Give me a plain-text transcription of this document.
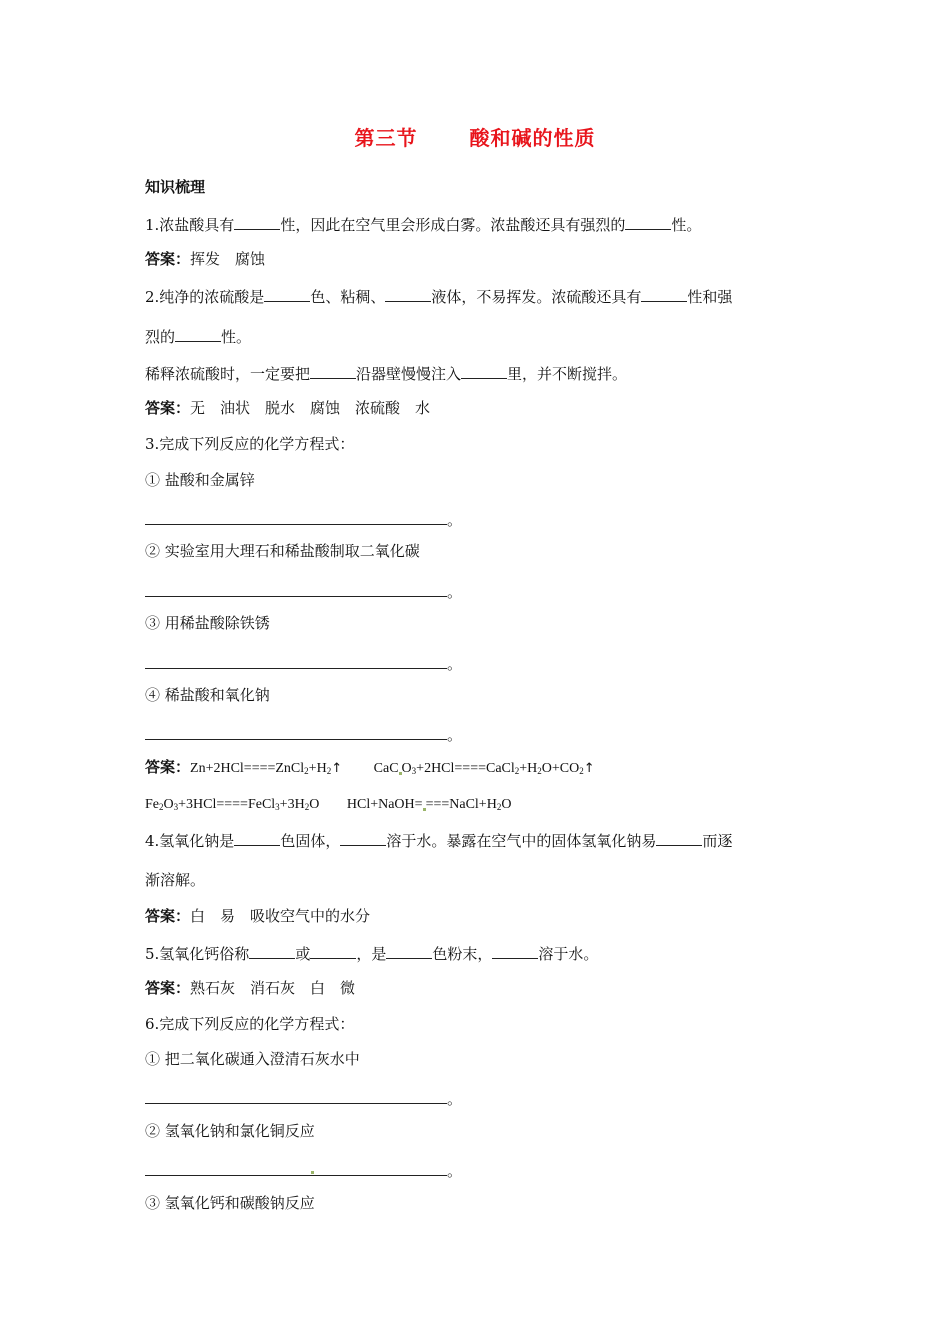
第三节	酸和碱的性质
知识梳理
1.浓盐酸具有	性，因此在空气里会形成白雾。浓盐酸还具有强烈的	性。
答案：挥发　腐蚀
2.纯净的浓硫酸是	色、粘稠、	液体，不易挥发。浓硫酸还具有	性和强
烈的	性。
稀释浓硫酸时，一定要把	沿器壁慢慢注入	里，并不断搅拌。
答案：无　油状　脱水　腐蚀　浓硫酸　水
3.完成下列反应的化学方程式：
① 盐酸和金属锌
。
② 实验室用大理石和稀盐酸制取二氧化碳
。
③ 用稀盐酸除铁锈
。
④ 稀盐酸和氧化钠
。
答案：$Zn+2HCl====ZnCl_2+H_2↑$ CaC $O_3+2HCl====CaCl_2+H_2O+CO_2↑$
$Fe_2O_3+3HCl====FeCl_3+3H_2O$ HCl+NaOH= $===NaCl+H_2O$
4.氢氧化钠是	色固体，	溶于水。暴露在空气中的固体氢氧化钠易	而逐
渐溶解。
答案：白　易　吸收空气中的水分
5.氢氧化钙俗称	或	，是	色粉末，	溶于水。
答案：熟石灰　消石灰　白　微
6.完成下列反应的化学方程式：
① 把二氧化碳通入澄清石灰水中
。
② 氢氧化钠和氯化铜反应
。
③ 氢氧化钙和碳酸钠反应
